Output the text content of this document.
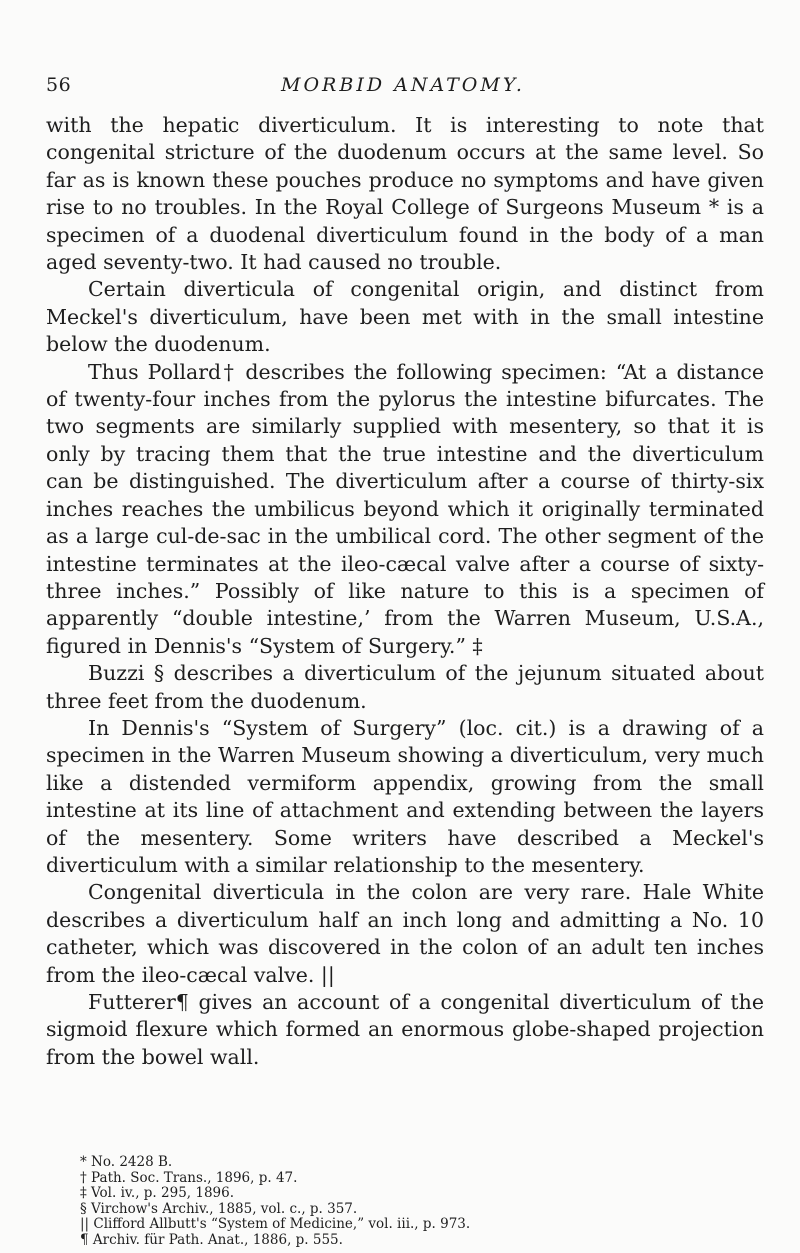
56	MORBID ANATOMY.

with the hepatic diverticulum. It is interesting to note that congenital stricture of the duodenum occurs at the same level. So far as is known these pouches produce no symptoms and have given rise to no troubles. In the Royal College of Surgeons Museum * is a specimen of a duodenal diverticulum found in the body of a man aged seventy-two. It had caused no trouble.

Certain diverticula of congenital origin, and distinct from Meckel's diverticulum, have been met with in the small intestine below the duodenum.

Thus Pollard† describes the following specimen: “At a distance of twenty-four inches from the pylorus the intestine bifurcates. The two segments are similarly supplied with mesentery, so that it is only by tracing them that the true intestine and the diverticulum can be distinguished. The diverticulum after a course of thirty-six inches reaches the umbilicus beyond which it originally terminated as a large cul-de-sac in the umbilical cord. The other segment of the intestine terminates at the ileo-cæcal valve after a course of sixty-three inches.” Possibly of like nature to this is a specimen of apparently “double intestine,’ from the Warren Museum, U.S.A., figured in Dennis's “System of Surgery.” ‡

Buzzi § describes a diverticulum of the jejunum situated about three feet from the duodenum.

In Dennis's “System of Surgery” (loc. cit.) is a drawing of a specimen in the Warren Museum showing a diverticulum, very much like a distended vermiform appendix, growing from the small intestine at its line of attachment and extending between the layers of the mesentery. Some writers have described a Meckel's diverticulum with a similar relationship to the mesentery.

Congenital diverticula in the colon are very rare. Hale White describes a diverticulum half an inch long and admitting a No. 10 catheter, which was discovered in the colon of an adult ten inches from the ileo-cæcal valve. ||

Futterer¶ gives an account of a congenital diverticulum of the sigmoid flexure which formed an enormous globe-shaped projection from the bowel wall.

* No. 2428 B.

† Path. Soc. Trans., 1896, p. 47.

‡ Vol. iv., p. 295, 1896.

§ Virchow's Archiv., 1885, vol. c., p. 357.

|| Clifford Allbutt's “System of Medicine,” vol. iii., p. 973.

¶ Archiv. für Path. Anat., 1886, p. 555.
